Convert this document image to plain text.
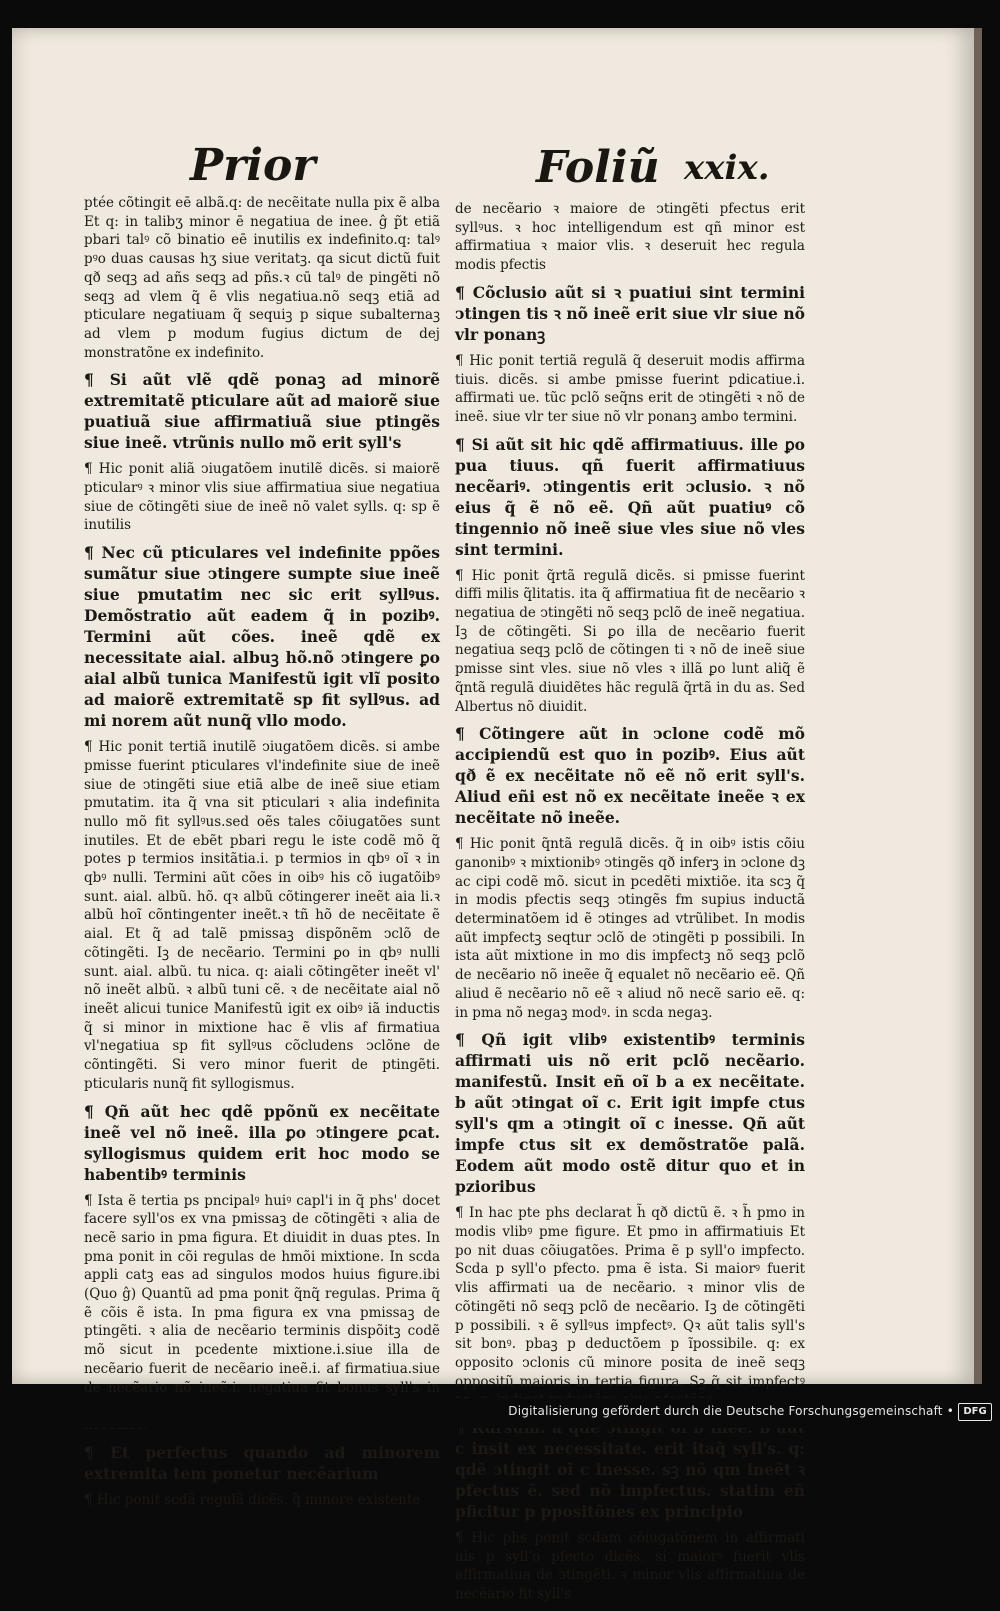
Prior	Foliũ xxix.

ptée cõtingit eē albã.q: de necẽitate nulla pix ẽ alba Et q: in talibʒ minor ē negatiua de inee. ĝ p̃t etiã pbari talꝰ cõ binatio eē inutilis ex indefinito.q: talꝰ pꝰo duas causas hʒ siue veritatꝫ. qa sicut dictũ fuit qð seqꝫ ad añs seqꝫ ad pñs.ꝛ cū talꝰ de pingẽti nõ seqꝫ ad vlem q̃ ẽ vlis negatiua.nõ seqꝫ etiã ad pticulare negatiuam q̃ sequiꝫ p sique subalternaꝫ ad vlem p modum fugius dictum de dej monstratõne ex indefinito.

¶ Si aũt vlẽ qdẽ ponaꝫ ad minorẽ extremitatẽ pticulare aũt ad maiorẽ siue puatiuã siue affirmatiuã siue ptingẽs siue ineẽ. vtrũnis nullo mõ erit syll's

¶ Hic ponit aliã ↄiugatõem inutilẽ dicẽs. si maiorẽ pticularꝰ ꝛ minor vlis siue affirmatiua siue negatiua siue de cõtingẽti siue de ineẽ nõ valet sylls. q: sp ẽ inutilis

¶ Nec cũ pticulares vel indefinite ppões sumãtur siue ↄtingere sumpte siue ineẽ siue pmutatim nec sic erit syllꝰus. Demõstratio aũt eadem q̃ in pozibꝰ. Termini aũt cões. ineẽ qdẽ ex necessitate aial. albuꝫ hõ.nõ ↄtingere ꝑo aial albũ tunica Manifestũ igit vlĩ posito ad maiorẽ extremitatẽ sp fit syllꝰus. ad mi norem aũt nunq̃ vllo modo.

¶ Hic ponit tertiã inutilẽ ↄiugatõem dicẽs. si ambe pmisse fuerint pticulares vl'indefinite siue de ineẽ siue de ↄtingẽti siue etiã albe de ineẽ siue etiam pmutatim. ita q̃ vna sit pticulari ꝛ alia indefinita nullo mõ fit syllꝰus.sed oẽs tales cõiugatões sunt inutiles. Et de ebẽt pbari regu le iste codẽ mõ q̃ potes p termios insitãtia.i. p termios in qbꝰ oĩ ꝛ in qbꝰ nulli. Termini aũt cões in oibꝰ his cõ iugatõibꝰ sunt. aial. albũ. hõ. qꝛ albũ cõtingerer ineẽt aia li.ꝛ albũ hoĩ cõntingenter ineẽt.ꝛ tñ hõ de necẽitate ẽ aial. Et q̃ ad talẽ pmissaꝫ dispõnẽm ↄclõ de cõtingẽti. Iꝫ de necẽario. Termini ꝑo in qbꝰ nulli sunt. aial. albũ. tu nica. q: aiali cõtingẽter ineẽt vl' nõ ineẽt albũ. ꝛ albũ tuni cẽ. ꝛ de necẽitate aial nõ ineẽt alicui tunice Manifestũ igit ex oibꝰ iã inductis q̃ si minor in mixtione hac ẽ vlis af firmatiua vl'negatiua sp fit syllꝰus cõcludens ↄclõne de cõntingẽti. Si vero minor fuerit de ptingẽti. pticularis nunq̃ fit syllogismus.

¶ Qñ aũt hec qdẽ ppõnũ ex necẽitate ineẽ vel nõ ineẽ. illa ꝑo ↄtingere ꝑcat. syllogismus quidem erit hoc modo se habentibꝰ terminis

¶ Ista ẽ tertia ps pncipalꝰ huiꝰ capl'i in q̃ phs' docet facere syll'os ex vna pmissaꝫ de cõtingẽti ꝛ alia de necẽ sario in pma figura. Et diuidit in duas ptes. In pma ponit in cõi regulas de hmõi mixtione. In scda appli catꝫ eas ad singulos modos huius figure.ibi (Quo ĝ) Quantũ ad pma ponit q̃nq̃ regulas. Prima q̃ ẽ cõis ẽ ista. In pma figura ex vna pmissaꝫ de ptingẽti. ꝛ alia de necẽario terminis dispõitꝫ codẽ mõ sicut in pcedente mixtione.i.siue illa de necẽario fuerit de necẽario ineẽ.i. af firmatiua.siue de necẽario nõ ineẽ.i. negatiua fit bonus syll's in

¶ Et perfectus quando ad minorem extremita tem ponetur necẽarium

¶ Hic ponit scdã regulã dicẽs. q̃ minore existente

de necẽario ꝛ maiore de ↄtingẽti pfectus erit syllꝰus. ꝛ hoc intelligendum est qñ minor est affirmatiua ꝛ maior vlis. ꝛ deseruit hec regula modis pfectis

¶ Cõclusio aũt si ꝛ puatiui sint termini ↄtingen tis ꝛ nõ ineẽ erit siue vlr siue nõ vlr ponanꝫ

¶ Hic ponit tertiã regulã q̃ deseruit modis affirma tiuis. dicẽs. si ambe pmisse fuerint pdicatiue.i. affirmati ue. tũc pclõ seq̃ns erit de ↄtingẽti ꝛ nõ de ineẽ. siue vlr ter siue nõ vlr ponanꝫ ambo termini.

¶ Si aũt sit hic qdẽ affirmatiuus. ille ꝑo pua tiuus. qñ fuerit affirmatiuus necẽariꝰ. ↄtingentis erit ↄclusio. ꝛ nõ eius q̃ ẽ nõ eẽ. Qñ aũt puatiuꝰ cõ tingennio nõ ineẽ siue vles siue nõ vles sint termini.

¶ Hic ponit q̃rtã regulã dicẽs. si pmisse fuerint diffi milis q̃litatis. ita q̃ affirmatiua fit de necẽario ꝛ negatiua de ↄtingẽti nõ seqꝫ pclõ de ineẽ negatiua. Iꝫ de cõtingẽti. Si ꝑo illa de necẽario fuerit negatiua seqꝫ pclõ de cõtingen ti ꝛ nõ de ineẽ siue pmisse sint vles. siue nõ vles ꝛ illã ꝑo lunt aliq̃ ẽ q̃ntã regulã diuidẽtes hãc regulã q̃rtã in du as. Sed Albertus nõ diuidit.

¶ Cõtingere aũt in ↄclone codẽ mõ accipiendũ est quo in pozibꝰ. Eius aũt qð ẽ ex necẽitate nõ eẽ nõ erit syll's. Aliud eñi est nõ ex necẽitate ineẽe ꝛ ex necẽitate nõ ineẽe.

¶ Hic ponit q̃ntã regulã dicẽs. q̃ in oibꝰ istis cõiu ganonibꝰ ꝛ mixtionibꝰ ↄtingẽs qð inferꝫ in ↄclone dꝫ ac cipi codẽ mõ. sicut in pcedẽti mixtiõe. ita scꝫ q̃ in modis pfectis seqꝫ ↄtingẽs fm supius inductã determinatõem id ẽ ↄtinges ad vtrũlibet. In modis aũt impfectꝫ seqtur ↄclõ de ↄtingẽti p possibili. In ista aũt mixtione in mo dis impfectꝫ nõ seqꝫ pclõ de necẽario nõ ineẽe q̃ equalet nõ necẽario eẽ. Qñ aliud ẽ necẽario nõ eẽ ꝛ aliud nõ necẽ sario eẽ. q: in pma nõ negaꝫ modꝰ. in scda negaꝫ.

¶ Qñ igit vlibꝰ existentibꝰ terminis affirmati uis nõ erit pclõ necẽario. manifestũ. Insit eñ oĩ b a ex necẽitate. b aũt ↄtingat oĩ c. Erit igit impfe ctus syll's qm a ↄtingit oĩ c inesse. Qñ aũt impfe ctus sit ex demõstratõe palã. Eodem aũt modo ostẽ ditur quo et in pzioribus

¶ In hac pte phs declarat h̃ qð dictũ ẽ. ꝛ h̃ pmo in modis vlibꝰ pme figure. Et pmo in affirmatiuis Et po nit duas cõiugatões. Prima ẽ p syll'o impfecto. Scda p syll'o pfecto. pma ẽ ista. Si maiorꝰ fuerit vlis affirmati ua de necẽario. ꝛ minor vlis de cõtingẽti nõ seqꝫ pclõ de necẽario. Iꝫ de cõtingẽti p possibili. ꝛ ẽ syllꝰus impfectꝰ. Qꝛ aũt talis syll's sit bonꝰ. pbaꝫ p deductõem p ĩpossibile. q: ex opposito ↄclonis cũ minore posita de ineẽ seqꝫ oppositũ maioris in tertia figura. Sꝫ q̃ sit impfectꝰ

c insit ex necessitate. erit itaq̃ syll's. q: qdẽ ↄtingit oĩ c inesse. sꝫ nõ qm ineẽt ꝛ pfectus ẽ. sed nõ impfectus. statim eñ pficitur p ppositõnes ex principio

¶ Hic phs ponit scdam cõiugatõnem in affirmati uis p syll'o pfecto dicẽs. si maiorꝰ fuerit vlis affirmatiua de ↄtingẽti. ꝛ minor vlis affirmatiua de necẽario fit syll's

Digitalisierung gefördert durch die Deutsche Forschungsgemeinschaft • DFG
